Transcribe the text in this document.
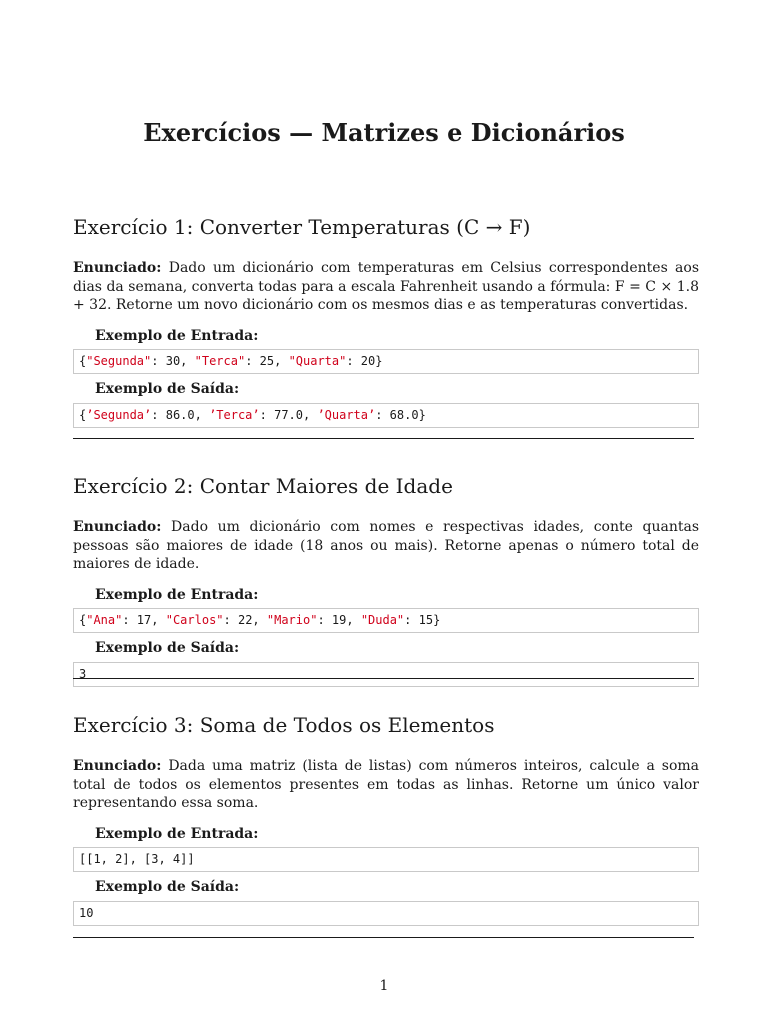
Exercícios — Matrizes e Dicionários
Exercício 1: Converter Temperaturas (C → F)

Enunciado: Dado um dicionário com temperaturas em Celsius correspondentes aos dias da semana, converta todas para a escala Fahrenheit usando a fórmula: F = C × 1.8 + 32. Retorne um novo dicionário com os mesmos dias e as temperaturas convertidas.

Exemplo de Entrada:

{"Segunda": 30, "Terca": 25, "Quarta": 20}

Exemplo de Saída:

{’Segunda’: 86.0, ’Terca’: 77.0, ’Quarta’: 68.0}
Exercício 2: Contar Maiores de Idade

Enunciado: Dado um dicionário com nomes e respectivas idades, conte quantas pessoas são maiores de idade (18 anos ou mais). Retorne apenas o número total de maiores de idade.

Exemplo de Entrada:

{"Ana": 17, "Carlos": 22, "Mario": 19, "Duda": 15}

Exemplo de Saída:

3
Exercício 3: Soma de Todos os Elementos

Enunciado: Dada uma matriz (lista de listas) com números inteiros, calcule a soma total de todos os elementos presentes em todas as linhas. Retorne um único valor representando essa soma.

Exemplo de Entrada:

[[1, 2], [3, 4]]

Exemplo de Saída:

10
1
